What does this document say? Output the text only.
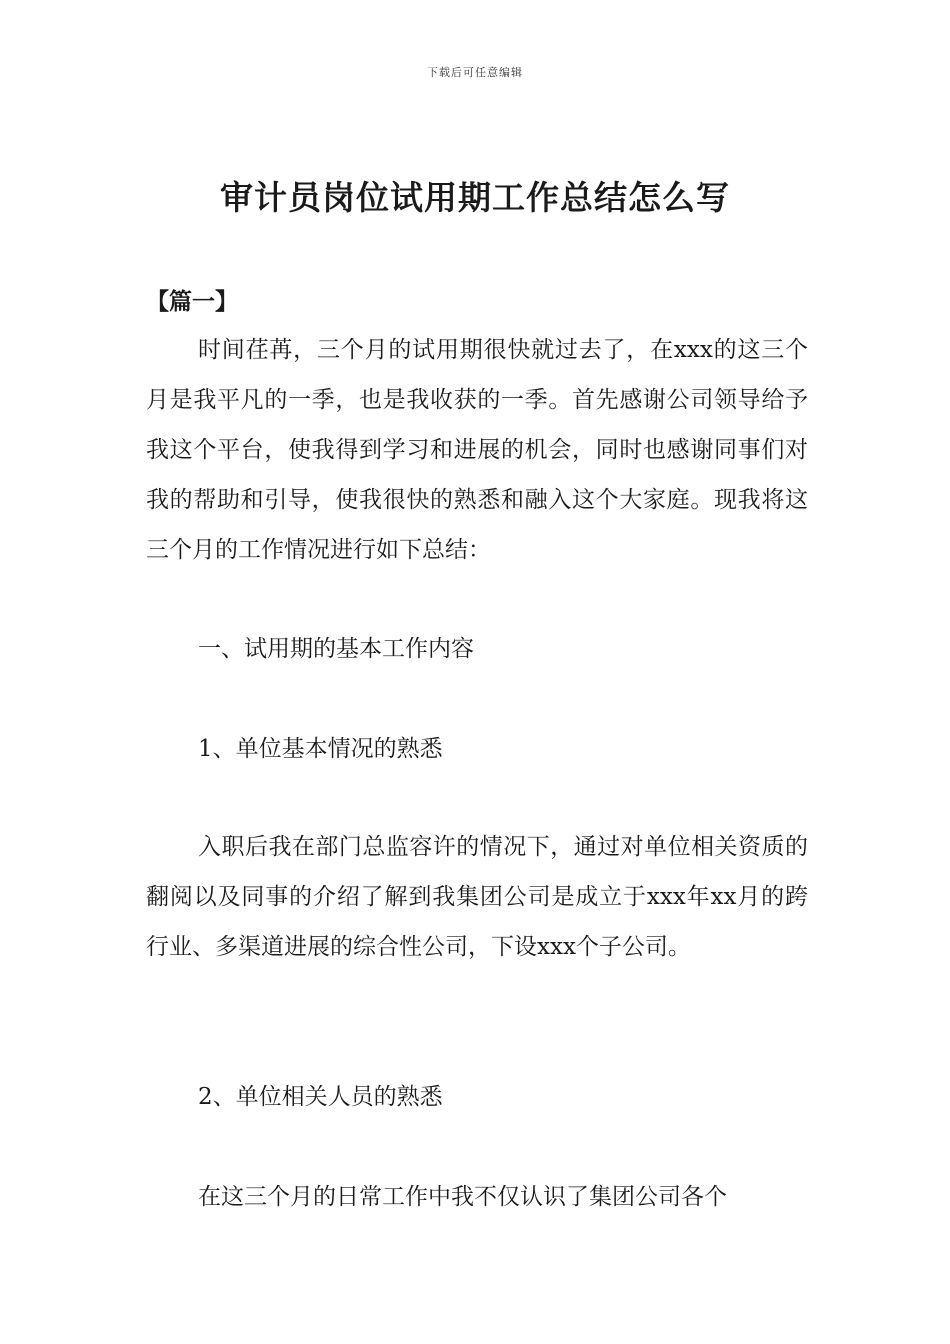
下载后可任意编辑
审计员岗位试用期工作总结怎么写
【篇一】

时间荏苒，三个月的试用期很快就过去了，在xxx的这三个月是我平凡的一季，也是我收获的一季。首先感谢公司领导给予我这个平台，使我得到学习和进展的机会，同时也感谢同事们对我的帮助和引导，使我很快的熟悉和融入这个大家庭。现我将这三个月的工作情况进行如下总结：

一、试用期的基本工作内容

1、单位基本情况的熟悉

入职后我在部门总监容许的情况下，通过对单位相关资质的翻阅以及同事的介绍了解到我集团公司是成立于xxx年xx月的跨行业、多渠道进展的综合性公司，下设xxx个子公司。

2、单位相关人员的熟悉

在这三个月的日常工作中我不仅认识了集团公司各个
